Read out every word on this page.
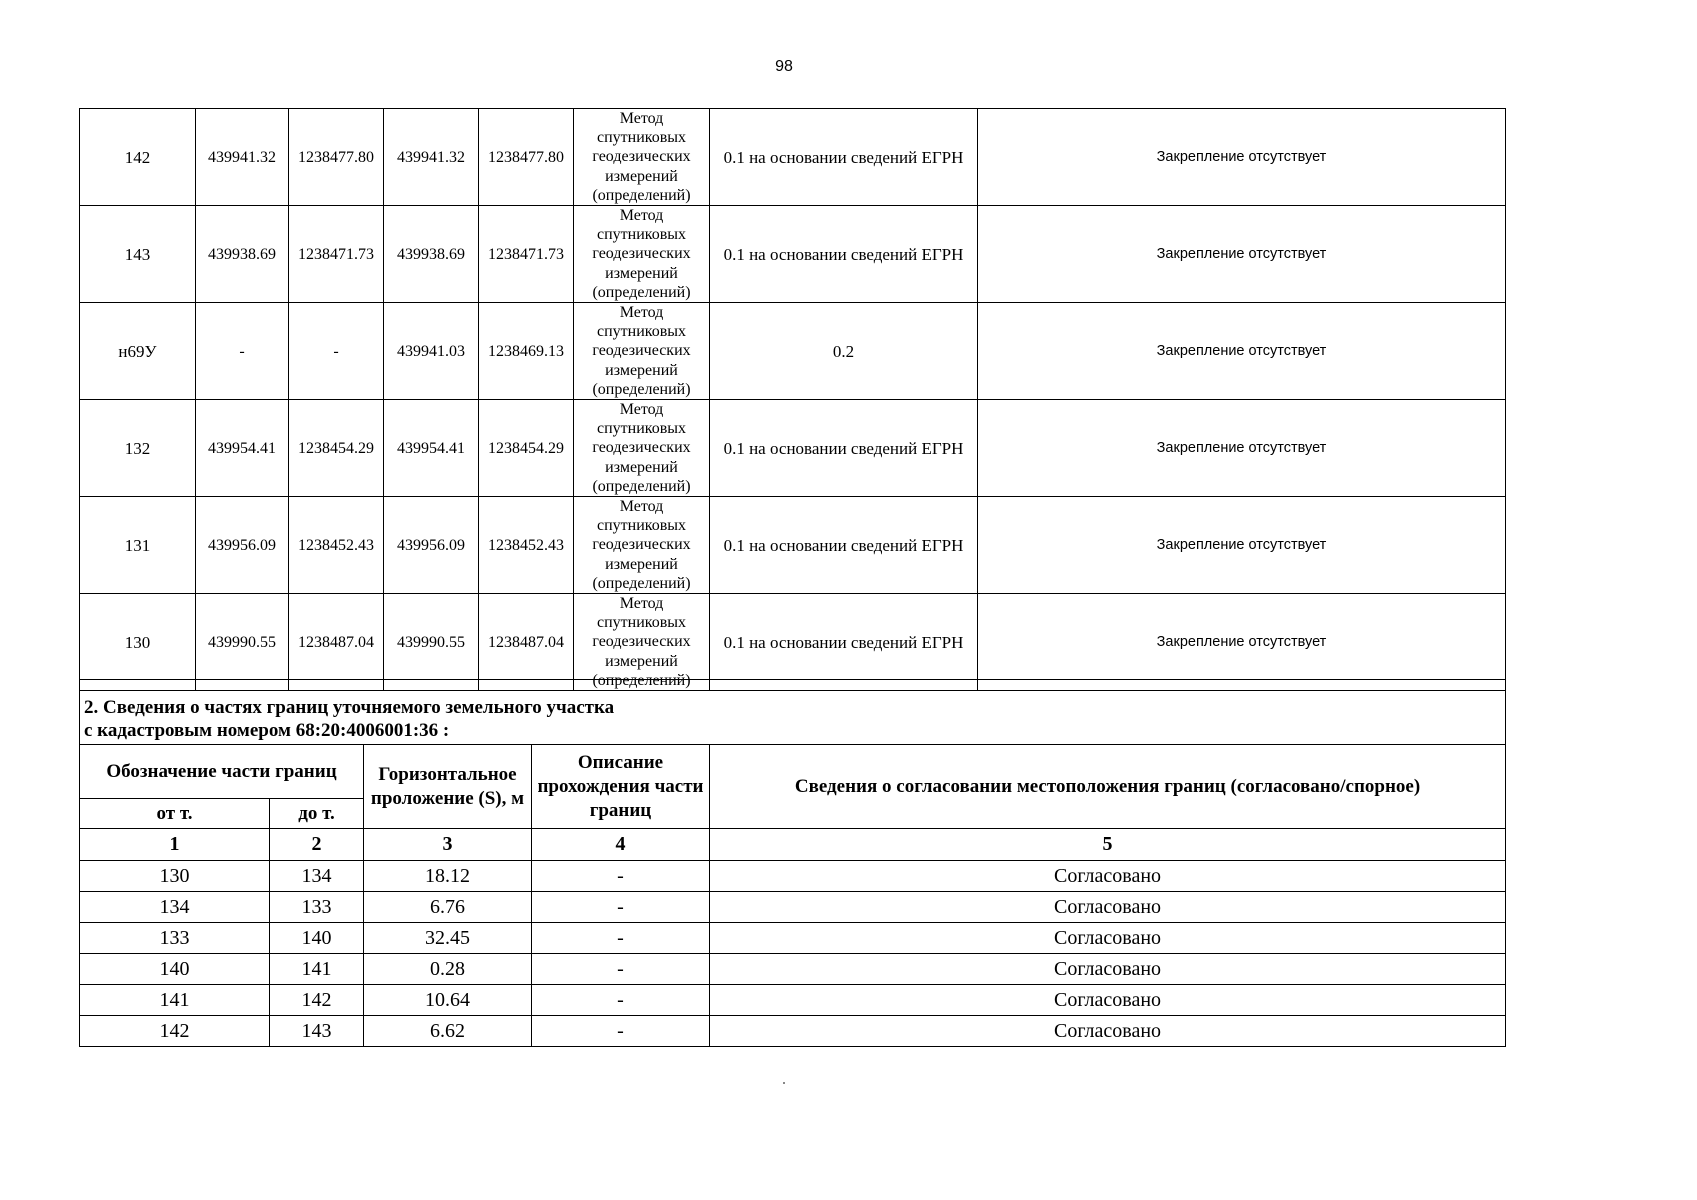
98
142	439941.32	1238477.80	439941.32	1238477.80	Метод спутниковых геодезических измерений (определений)	0.1 на основании сведений ЕГРН	Закрепление отсутствует
143	439938.69	1238471.73	439938.69	1238471.73	Метод спутниковых геодезических измерений (определений)	0.1 на основании сведений ЕГРН	Закрепление отсутствует
н69У	-	-	439941.03	1238469.13	Метод спутниковых геодезических измерений (определений)	0.2	Закрепление отсутствует
132	439954.41	1238454.29	439954.41	1238454.29	Метод спутниковых геодезических измерений (определений)	0.1 на основании сведений ЕГРН	Закрепление отсутствует
131	439956.09	1238452.43	439956.09	1238452.43	Метод спутниковых геодезических измерений (определений)	0.1 на основании сведений ЕГРН	Закрепление отсутствует
130	439990.55	1238487.04	439990.55	1238487.04	Метод спутниковых геодезических измерений (определений)	0.1 на основании сведений ЕГРН	Закрепление отсутствует
2. Сведения о частях границ уточняемого земельного участка
с кадастровым номером 68:20:4006001:36 :				

Обозначение части границ		Горизонтальное проложение (S), м	Описание прохождения части границ	Сведения о согласовании местоположения границ (согласовано/спорное)
от т.	до т.			
1	2	3	4	5
130	134	18.12	-	Согласовано
134	133	6.76	-	Согласовано
133	140	32.45	-	Согласовано
140	141	0.28	-	Согласовано
141	142	10.64	-	Согласовано
142	143	6.62	-	Согласовано
